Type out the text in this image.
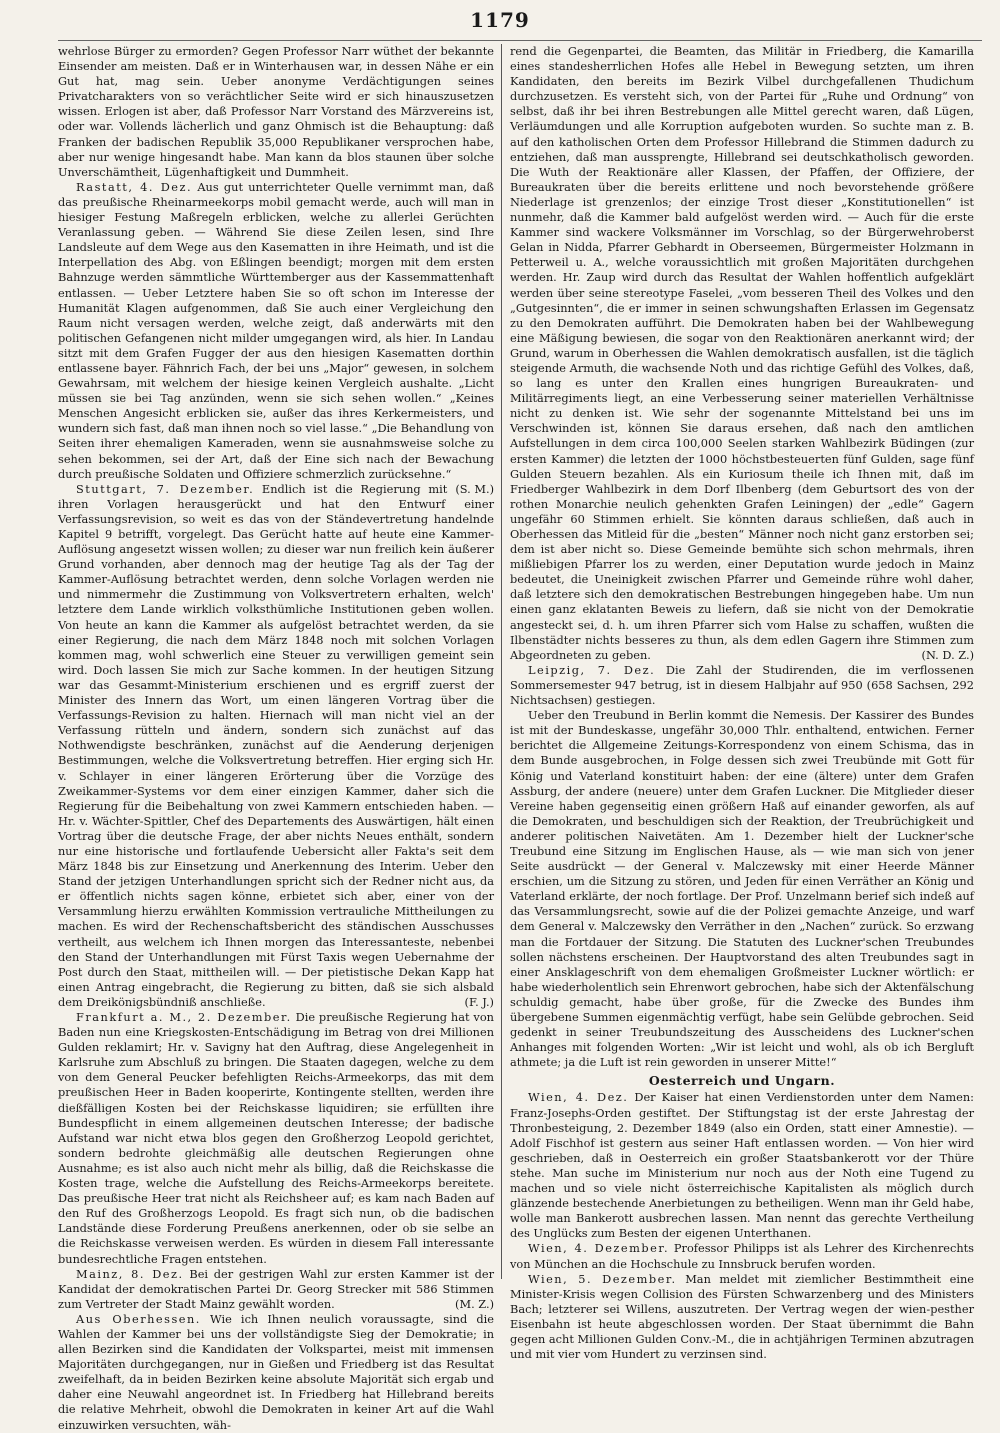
1179

wehrlose Bürger zu ermorden? Gegen Professor Narr wüthet der bekannte Einsender am meisten. Daß er in Winterhausen war, in dessen Nähe er ein Gut hat, mag sein. Ueber anonyme Verdächtigungen seines Privatcharakters von so verächtlicher Seite wird er sich hinauszusetzen wissen. Erlogen ist aber, daß Professor Narr Vorstand des Märzvereins ist, oder war. Vollends lächerlich und ganz Ohmisch ist die Behauptung: daß Franken der badischen Republik 35,000 Republikaner versprochen habe, aber nur wenige hingesandt habe. Man kann da blos staunen über solche Unverschämtheit, Lügenhaftigkeit und Dummheit.

Rastatt, 4. Dez. Aus gut unterrichteter Quelle vernimmt man, daß das preußische Rheinarmeekorps mobil gemacht werde, auch will man in hiesiger Festung Maßregeln erblicken, welche zu allerlei Gerüchten Veranlassung geben. — Während Sie diese Zeilen lesen, sind Ihre Landsleute auf dem Wege aus den Kasematten in ihre Heimath, und ist die Interpellation des Abg. von Eßlingen beendigt; morgen mit dem ersten Bahnzuge werden sämmtliche Württemberger aus der Kassemmattenhaft entlassen. — Ueber Letztere haben Sie so oft schon im Interesse der Humanität Klagen aufgenommen, daß Sie auch einer Vergleichung den Raum nicht versagen werden, welche zeigt, daß anderwärts mit den politischen Gefangenen nicht milder umgegangen wird, als hier. In Landau sitzt mit dem Grafen Fugger der aus den hiesigen Kasematten dorthin entlassene bayer. Fähnrich Fach, der bei uns „Major“ gewesen, in solchem Gewahrsam, mit welchem der hiesige keinen Vergleich aushalte. „Licht müssen sie bei Tag anzünden, wenn sie sich sehen wollen.“ „Keines Menschen Angesicht erblicken sie, außer das ihres Kerkermeisters, und wundern sich fast, daß man ihnen noch so viel lasse.“ „Die Behandlung von Seiten ihrer ehemaligen Kameraden, wenn sie ausnahmsweise solche zu sehen bekommen, sei der Art, daß der Eine sich nach der Bewachung durch preußische Soldaten und Offiziere schmerzlich zurücksehne.“
(S. M.)

Stuttgart, 7. Dezember. Endlich ist die Regierung mit ihren Vorlagen herausgerückt und hat den Entwurf einer Verfassungsrevision, so weit es das von der Ständevertretung handelnde Kapitel 9 betrifft, vorgelegt. Das Gerücht hatte auf heute eine Kammer-Auflösung angesetzt wissen wollen; zu dieser war nun freilich kein äußerer Grund vorhanden, aber dennoch mag der heutige Tag als der Tag der Kammer-Auflösung betrachtet werden, denn solche Vorlagen werden nie und nimmermehr die Zustimmung von Volksvertretern erhalten, welch' letztere dem Lande wirklich volksthümliche Institutionen geben wollen. Von heute an kann die Kammer als aufgelöst betrachtet werden, da sie einer Regierung, die nach dem März 1848 noch mit solchen Vorlagen kommen mag, wohl schwerlich eine Steuer zu verwilligen gemeint sein wird. Doch lassen Sie mich zur Sache kommen. In der heutigen Sitzung war das Gesammt-Ministerium erschienen und es ergriff zuerst der Minister des Innern das Wort, um einen längeren Vortrag über die Verfassungs-Revision zu halten. Hiernach will man nicht viel an der Verfassung rütteln und ändern, sondern sich zunächst auf das Nothwendigste beschränken, zunächst auf die Aenderung derjenigen Bestimmungen, welche die Volksvertretung betreffen. Hier erging sich Hr. v. Schlayer in einer längeren Erörterung über die Vorzüge des Zweikammer-Systems vor dem einer einzigen Kammer, daher sich die Regierung für die Beibehaltung von zwei Kammern entschieden haben. — Hr. v. Wächter-Spittler, Chef des Departements des Auswärtigen, hält einen Vortrag über die deutsche Frage, der aber nichts Neues enthält, sondern nur eine historische und fortlaufende Uebersicht aller Fakta's seit dem März 1848 bis zur Einsetzung und Anerkennung des Interim. Ueber den Stand der jetzigen Unterhandlungen spricht sich der Redner nicht aus, da er öffentlich nichts sagen könne, erbietet sich aber, einer von der Versammlung hierzu erwählten Kommission vertrauliche Mittheilungen zu machen. Es wird der Rechenschaftsbericht des ständischen Ausschusses vertheilt, aus welchem ich Ihnen morgen das Interessanteste, nebenbei den Stand der Unterhandlungen mit Fürst Taxis wegen Uebernahme der Post durch den Staat, mittheilen will. — Der pietistische Dekan Kapp hat einen Antrag eingebracht, die Regierung zu bitten, daß sie sich alsbald dem Dreikönigsbündniß anschließe.	(F. J.)

Frankfurt a. M., 2. Dezember. Die preußische Regierung hat von Baden nun eine Kriegskosten-Entschädigung im Betrag von drei Millionen Gulden reklamirt; Hr. v. Savigny hat den Auftrag, diese Angelegenheit in Karlsruhe zum Abschluß zu bringen. Die Staaten dagegen, welche zu dem von dem General Peucker befehligten Reichs-Armeekorps, das mit dem preußischen Heer in Baden kooperirte, Kontingente stellten, werden ihre dießfälligen Kosten bei der Reichskasse liquidiren; sie erfüllten ihre Bundespflicht in einem allgemeinen deutschen Interesse; der badische Aufstand war nicht etwa blos gegen den Großherzog Leopold gerichtet, sondern bedrohte gleichmäßig alle deutschen Regierungen ohne Ausnahme; es ist also auch nicht mehr als billig, daß die Reichskasse die Kosten trage, welche die Aufstellung des Reichs-Armeekorps bereitete. Das preußische Heer trat nicht als Reichsheer auf; es kam nach Baden auf den Ruf des Großherzogs Leopold. Es fragt sich nun, ob die badischen Landstände diese Forderung Preußens anerkennen, oder ob sie selbe an die Reichskasse verweisen werden. Es würden in diesem Fall interessante bundesrechtliche Fragen entstehen.

Mainz, 8. Dez. Bei der gestrigen Wahl zur ersten Kammer ist der Kandidat der demokratischen Partei Dr. Georg Strecker mit 586 Stimmen zum Vertreter der Stadt Mainz gewählt worden.	(M. Z.)

Aus Oberhessen. Wie ich Ihnen neulich voraussagte, sind die Wahlen der Kammer bei uns der vollständigste Sieg der Demokratie; in allen Bezirken sind die Kandidaten der Volkspartei, meist mit immensen Majoritäten durchgegangen, nur in Gießen und Friedberg ist das Resultat zweifelhaft, da in beiden Bezirken keine absolute Majorität sich ergab und daher eine Neuwahl angeordnet ist. In Friedberg hat Hillebrand bereits die relative Mehrheit, obwohl die Demokraten in keiner Art auf die Wahl einzuwirken versuchten, wäh-

rend die Gegenpartei, die Beamten, das Militär in Friedberg, die Kamarilla eines standesherrlichen Hofes alle Hebel in Bewegung setzten, um ihren Kandidaten, den bereits im Bezirk Vilbel durchgefallenen Thudichum durchzusetzen. Es versteht sich, von der Partei für „Ruhe und Ordnung“ von selbst, daß ihr bei ihren Bestrebungen alle Mittel gerecht waren, daß Lügen, Verläumdungen und alle Korruption aufgeboten wurden. So suchte man z. B. auf den katholischen Orten dem Professor Hillebrand die Stimmen dadurch zu entziehen, daß man aussprengte, Hillebrand sei deutschkatholisch geworden. Die Wuth der Reaktionäre aller Klassen, der Pfaffen, der Offiziere, der Bureaukraten über die bereits erlittene und noch bevorstehende größere Niederlage ist grenzenlos; der einzige Trost dieser „Konstitutionellen“ ist nunmehr, daß die Kammer bald aufgelöst werden wird. — Auch für die erste Kammer sind wackere Volksmänner im Vorschlag, so der Bürgerwehroberst Gelan in Nidda, Pfarrer Gebhardt in Oberseemen, Bürgermeister Holzmann in Petterweil u. A., welche voraussichtlich mit großen Majoritäten durchgehen werden. Hr. Zaup wird durch das Resultat der Wahlen hoffentlich aufgeklärt werden über seine stereotype Faselei, „vom besseren Theil des Volkes und den „Gutgesinnten“, die er immer in seinen schwungshaften Erlassen im Gegensatz zu den Demokraten aufführt. Die Demokraten haben bei der Wahlbewegung eine Mäßigung bewiesen, die sogar von den Reaktionären anerkannt wird; der Grund, warum in Oberhessen die Wahlen demokratisch ausfallen, ist die täglich steigende Armuth, die wachsende Noth und das richtige Gefühl des Volkes, daß, so lang es unter den Krallen eines hungrigen Bureaukraten- und Militärregiments liegt, an eine Verbesserung seiner materiellen Verhältnisse nicht zu denken ist. Wie sehr der sogenannte Mittelstand bei uns im Verschwinden ist, können Sie daraus ersehen, daß nach den amtlichen Aufstellungen in dem circa 100,000 Seelen starken Wahlbezirk Büdingen (zur ersten Kammer) die letzten der 1000 höchstbesteuerten fünf Gulden, sage fünf Gulden Steuern bezahlen. Als ein Kuriosum theile ich Ihnen mit, daß im Friedberger Wahlbezirk in dem Dorf Ilbenberg (dem Geburtsort des von der rothen Monarchie neulich gehenkten Grafen Leiningen) der „edle“ Gagern ungefähr 60 Stimmen erhielt. Sie könnten daraus schließen, daß auch in Oberhessen das Mitleid für die „besten“ Männer noch nicht ganz erstorben sei; dem ist aber nicht so. Diese Gemeinde bemühte sich schon mehrmals, ihren mißliebigen Pfarrer los zu werden, einer Deputation wurde jedoch in Mainz bedeutet, die Uneinigkeit zwischen Pfarrer und Gemeinde rühre wohl daher, daß letztere sich den demokratischen Bestrebungen hingegeben habe. Um nun einen ganz eklatanten Beweis zu liefern, daß sie nicht von der Demokratie angesteckt sei, d. h. um ihren Pfarrer sich vom Halse zu schaffen, wußten die Ilbenstädter nichts besseres zu thun, als dem edlen Gagern ihre Stimmen zum Abgeordneten zu geben.	(N. D. Z.)

Leipzig, 7. Dez. Die Zahl der Studirenden, die im verflossenen Sommersemester 947 betrug, ist in diesem Halbjahr auf 950 (658 Sachsen, 292 Nichtsachsen) gestiegen.

Ueber den Treubund in Berlin kommt die Nemesis. Der Kassirer des Bundes ist mit der Bundeskasse, ungefähr 30,000 Thlr. enthaltend, entwichen. Ferner berichtet die Allgemeine Zeitungs-Korrespondenz von einem Schisma, das in dem Bunde ausgebrochen, in Folge dessen sich zwei Treubünde mit Gott für König und Vaterland konstituirt haben: der eine (ältere) unter dem Grafen Assburg, der andere (neuere) unter dem Grafen Luckner. Die Mitglieder dieser Vereine haben gegenseitig einen größern Haß auf einander geworfen, als auf die Demokraten, und beschuldigen sich der Reaktion, der Treubrüchigkeit und anderer politischen Naivetäten. Am 1. Dezember hielt der Luckner'sche Treubund eine Sitzung im Englischen Hause, als — wie man sich von jener Seite ausdrückt — der General v. Malczewsky mit einer Heerde Männer erschien, um die Sitzung zu stören, und Jeden für einen Verräther an König und Vaterland erklärte, der noch fortlage. Der Prof. Unzelmann berief sich indeß auf das Versammlungsrecht, sowie auf die der Polizei gemachte Anzeige, und warf dem General v. Malczewsky den Verräther in den „Nachen“ zurück. So erzwang man die Fortdauer der Sitzung. Die Statuten des Luckner'schen Treubundes sollen nächstens erscheinen. Der Hauptvorstand des alten Treubundes sagt in einer Ansklageschrift von dem ehemaligen Großmeister Luckner wörtlich: er habe wiederholentlich sein Ehrenwort gebrochen, habe sich der Aktenfälschung schuldig gemacht, habe über große, für die Zwecke des Bundes ihm übergebene Summen eigenmächtig verfügt, habe sein Gelübde gebrochen. Seid gedenkt in seiner Treubundszeitung des Ausscheidens des Luckner'schen Anhanges mit folgenden Worten: „Wir ist leicht und wohl, als ob ich Bergluft athmete; ja die Luft ist rein geworden in unserer Mitte!“

Oesterreich und Ungarn.

Wien, 4. Dez. Der Kaiser hat einen Verdienstorden unter dem Namen: Franz-Josephs-Orden gestiftet. Der Stiftungstag ist der erste Jahrestag der Thronbesteigung, 2. Dezember 1849 (also ein Orden, statt einer Amnestie). — Adolf Fischhof ist gestern aus seiner Haft entlassen worden. — Von hier wird geschrieben, daß in Oesterreich ein großer Staatsbankerott vor der Thüre stehe. Man suche im Ministerium nur noch aus der Noth eine Tugend zu machen und so viele nicht österreichische Kapitalisten als möglich durch glänzende bestechende Anerbietungen zu betheiligen. Wenn man ihr Geld habe, wolle man Bankerott ausbrechen lassen. Man nennt das gerechte Vertheilung des Unglücks zum Besten der eigenen Unterthanen.

Wien, 4. Dezember. Professor Philipps ist als Lehrer des Kirchenrechts von München an die Hochschule zu Innsbruck berufen worden.

Wien, 5. Dezember. Man meldet mit ziemlicher Bestimmtheit eine Minister-Krisis wegen Collision des Fürsten Schwarzenberg und des Ministers Bach; letzterer sei Willens, auszutreten. Der Vertrag wegen der wien-pesther Eisenbahn ist heute abgeschlossen worden. Der Staat übernimmt die Bahn gegen acht Millionen Gulden Conv.-M., die in achtjährigen Terminen abzutragen und mit vier vom Hundert zu verzinsen sind.
